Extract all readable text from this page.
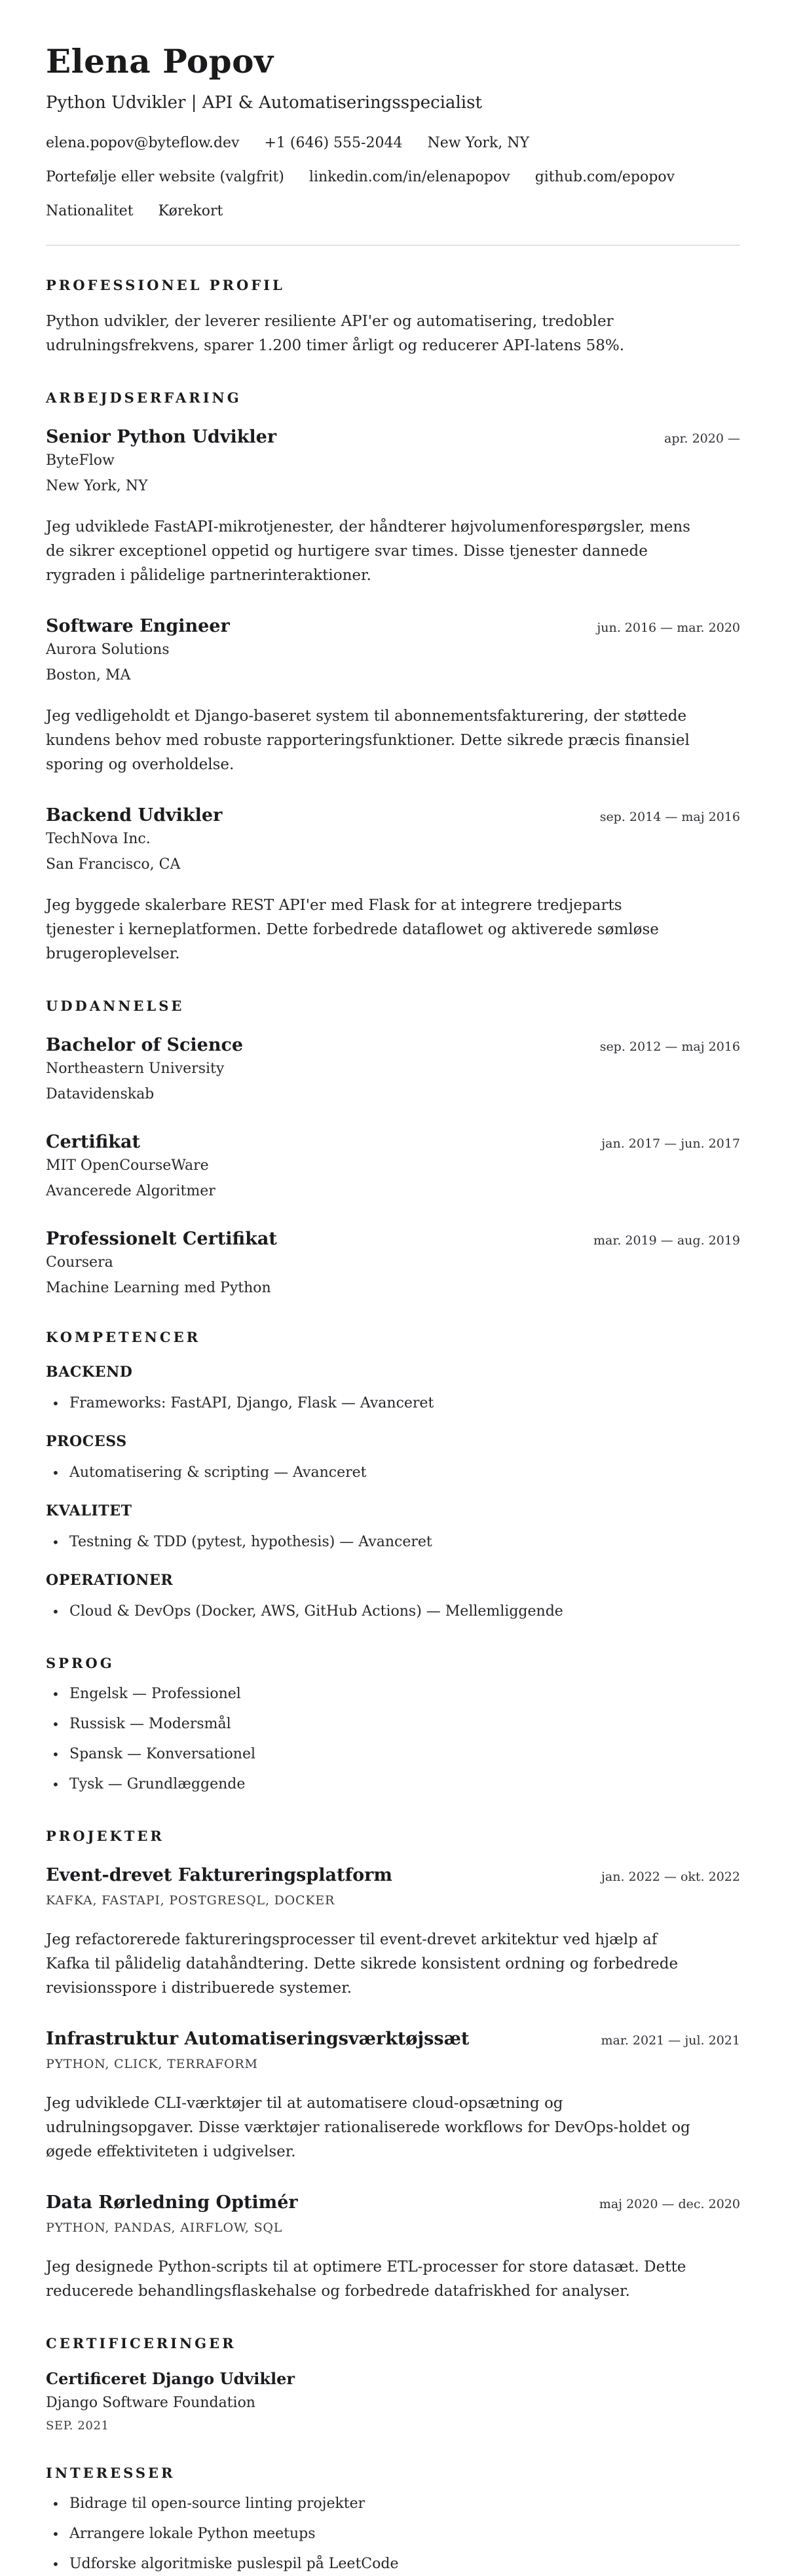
Elena Popov
Python Udvikler | API & Automatiseringsspecialist
elena.popov@byteflow.dev +1 (646) 555-2044 New York, NY
Portefølje eller website (valgfrit) linkedin.com/in/elenapopov github.com/epopov
Nationalitet Kørekort
PROFESSIONEL PROFIL
Python udvikler, der leverer resiliente API'er og automatisering, tredobler udrulningsfrekvens, sparer 1.200 timer årligt og reducerer API-latens 58%.
ARBEJDSERFARING
Senior Python Udvikler	apr. 2020 —
ByteFlow
New York, NY
Jeg udviklede FastAPI-mikrotjenester, der håndterer højvolumenforespørgsler, mens de sikrer exceptionel oppetid og hurtigere svar times. Disse tjenester dannede rygraden i pålidelige partnerinteraktioner.
Software Engineer	jun. 2016 — mar. 2020
Aurora Solutions
Boston, MA
Jeg vedligeholdt et Django-baseret system til abonnementsfakturering, der støttede kundens behov med robuste rapporteringsfunktioner. Dette sikrede præcis finansiel sporing og overholdelse.
Backend Udvikler	sep. 2014 — maj 2016
TechNova Inc.
San Francisco, CA
Jeg byggede skalerbare REST API'er med Flask for at integrere tredjeparts tjenester i kerneplatformen. Dette forbedrede dataflowet og aktiverede sømløse brugeroplevelser.
UDDANNELSE
Bachelor of Science	sep. 2012 — maj 2016
Northeastern University
Datavidenskab
Certifikat	jan. 2017 — jun. 2017
MIT OpenCourseWare
Avancerede Algoritmer
Professionelt Certifikat	mar. 2019 — aug. 2019
Coursera
Machine Learning med Python
KOMPETENCER
BACKEND
• Frameworks: FastAPI, Django, Flask — Avanceret
PROCESS
• Automatisering & scripting — Avanceret
KVALITET
• Testning & TDD (pytest, hypothesis) — Avanceret
OPERATIONER
• Cloud & DevOps (Docker, AWS, GitHub Actions) — Mellemliggende
SPROG
• Engelsk — Professionel
• Russisk — Modersmål
• Spansk — Konversationel
• Tysk — Grundlæggende
PROJEKTER
Event-drevet Faktureringsplatform	jan. 2022 — okt. 2022
KAFKA, FASTAPI, POSTGRESQL, DOCKER
Jeg refactorerede faktureringsprocesser til event-drevet arkitektur ved hjælp af Kafka til pålidelig datahåndtering. Dette sikrede konsistent ordning og forbedrede revisionsspore i distribuerede systemer.
Infrastruktur Automatiseringsværktøjssæt	mar. 2021 — jul. 2021
PYTHON, CLICK, TERRAFORM
Jeg udviklede CLI-værktøjer til at automatisere cloud-opsætning og udrulningsopgaver. Disse værktøjer rationaliserede workflows for DevOps-holdet og øgede effektiviteten i udgivelser.
Data Rørledning Optimér	maj 2020 — dec. 2020
PYTHON, PANDAS, AIRFLOW, SQL
Jeg designede Python-scripts til at optimere ETL-processer for store datasæt. Dette reducerede behandlingsflaskehalse og forbedrede datafriskhed for analyser.
CERTIFICERINGER
Certificeret Django Udvikler
Django Software Foundation
SEP. 2021
INTERESSER
• Bidrage til open-source linting projekter
• Arrangere lokale Python meetups
• Udforske algoritmiske puslespil på LeetCode
